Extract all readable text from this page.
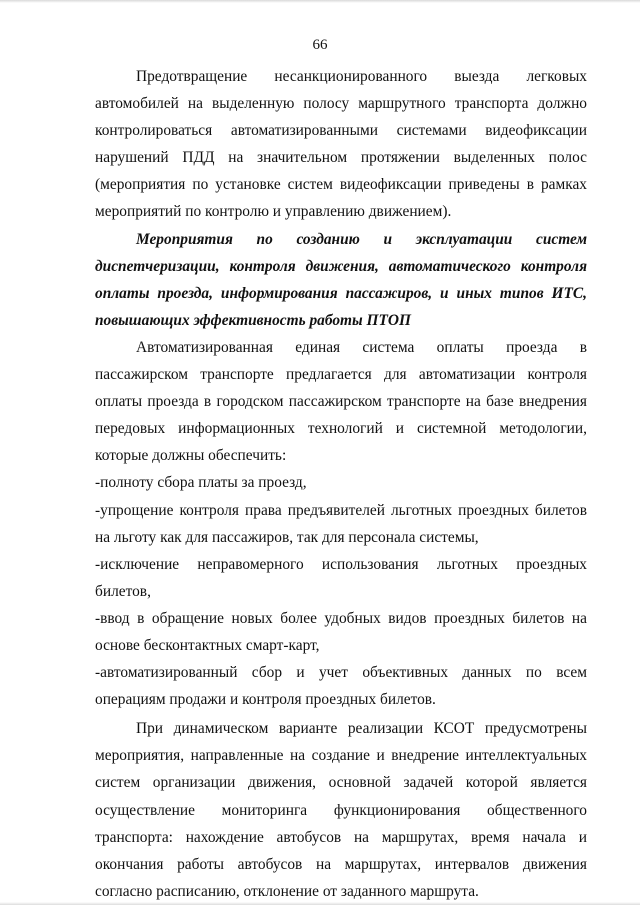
66

Предотвращение несанкционированного выезда легковых автомобилей на выделенную полосу маршрутного транспорта должно контролироваться автоматизированными системами видеофиксации нарушений ПДД на значительном протяжении выделенных полос (мероприятия по установке систем видеофиксации приведены в рамках мероприятий по контролю и управлению движением).

Мероприятия по созданию и эксплуатации систем диспетчеризации, контроля движения, автоматического контроля оплаты проезда, информирования пассажиров, и иных типов ИТС, повышающих эффективность работы ПТОП

Автоматизированная единая система оплаты проезда в пассажирском транспорте предлагается для автоматизации контроля оплаты проезда в городском пассажирском транспорте на базе внедрения передовых информационных технологий и системной методологии, которые должны обеспечить:

-полноту сбора платы за проезд,

-упрощение контроля права предъявителей льготных проездных билетов на льготу как для пассажиров, так для персонала системы,

-исключение неправомерного использования льготных проездных билетов,

-ввод в обращение новых более удобных видов проездных билетов на основе бесконтактных смарт-карт,

-автоматизированный сбор и учет объективных данных по всем операциям продажи и контроля проездных билетов.

При динамическом варианте реализации КСОТ предусмотрены мероприятия, направленные на создание и внедрение интеллектуальных систем организации движения, основной задачей которой является осуществление мониторинга функционирования общественного транспорта: нахождение автобусов на маршрутах, время начала и окончания работы автобусов на маршрутах, интервалов движения согласно расписанию, отклонение от заданного маршрута.
